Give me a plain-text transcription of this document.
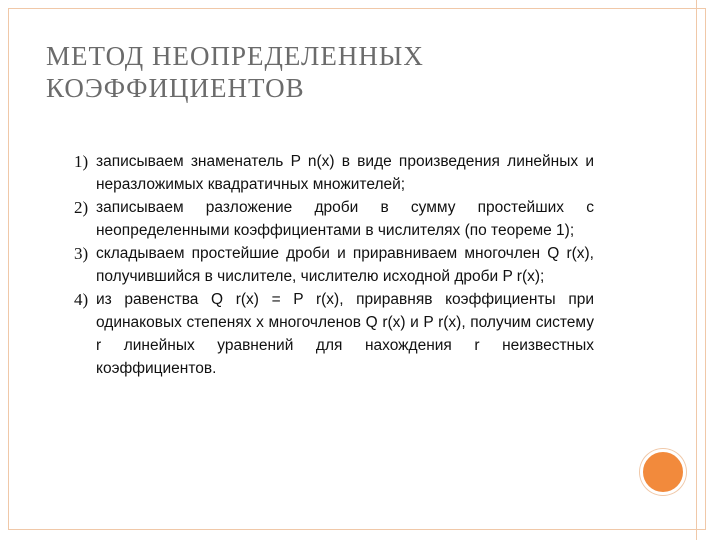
МЕТОД НЕОПРЕДЕЛЕННЫХ КОЭФФИЦИЕНТОВ
1) записываем знаменатель P n(x) в виде произведения линейных и неразложимых квадратичных множителей;
2) записываем разложение дроби в сумму простейших с неопределенными коэффициентами в числителях (по теореме 1);
3) складываем простейшие дроби и приравниваем многочлен Q r(x), получившийся в числителе, числителю исходной дроби P r(x);
4) из равенства Q r(x) = P r(x), приравняв коэффициенты при одинаковых степенях x многочленов Q r(x) и P r(x), получим систему r линейных уравнений для нахождения r неизвестных коэффициентов.
